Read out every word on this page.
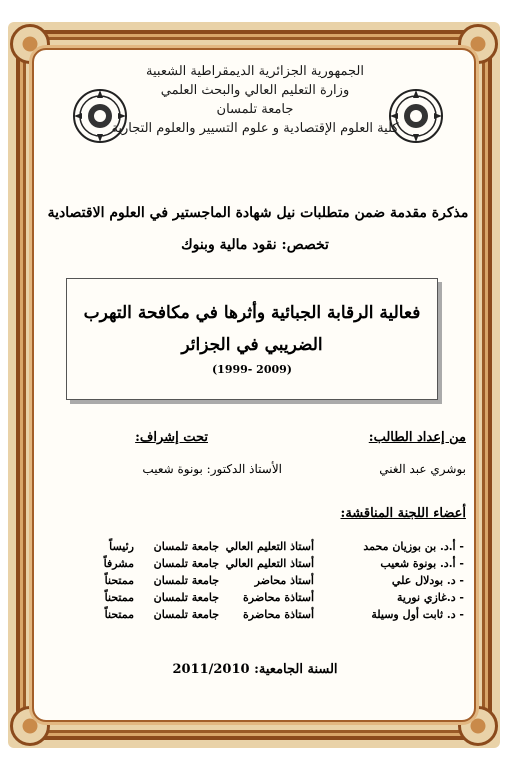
الجمهورية الجزائرية الديمقراطية الشعبية
وزارة التعليم العالي والبحث العلمي
جامعة تلمسان
كلية العلوم الإقتصادية و علوم التسيير والعلوم التجارية
مذكرة مقدمة ضمن متطلبات نيل شهادة الماجستير في العلوم الاقتصادية
تخصص: نقود مالية وبنوك
فعالية الرقابة الجبائية وأثرها في مكافحة التهرب
الضريبي في الجزائر
(1999- 2009)
من إعداد الطالب:
تحت إشراف:
بوشري عبد الغني
الأستاذ الدكتور: بونوة شعيب
أعضاء اللجنة المناقشة:
- أ.د. بن بوزيان محمد
أستاذ التعليم العالي
جامعة تلمسان
رئيساً
- أ.د. بونوة شعيب
أستاذ التعليم العالي
جامعة تلمسان
مشرفاً
- د. بودلال علي
أستاذ محاضر
جامعة تلمسان
ممتحناً
- د.غازي نورية
أستاذة محاضرة
جامعة تلمسان
ممتحناً
- د. ثابت أول وسيلة
أستاذة محاضرة
جامعة تلمسان
ممتحناً
السنة الجامعية: 2011/2010
